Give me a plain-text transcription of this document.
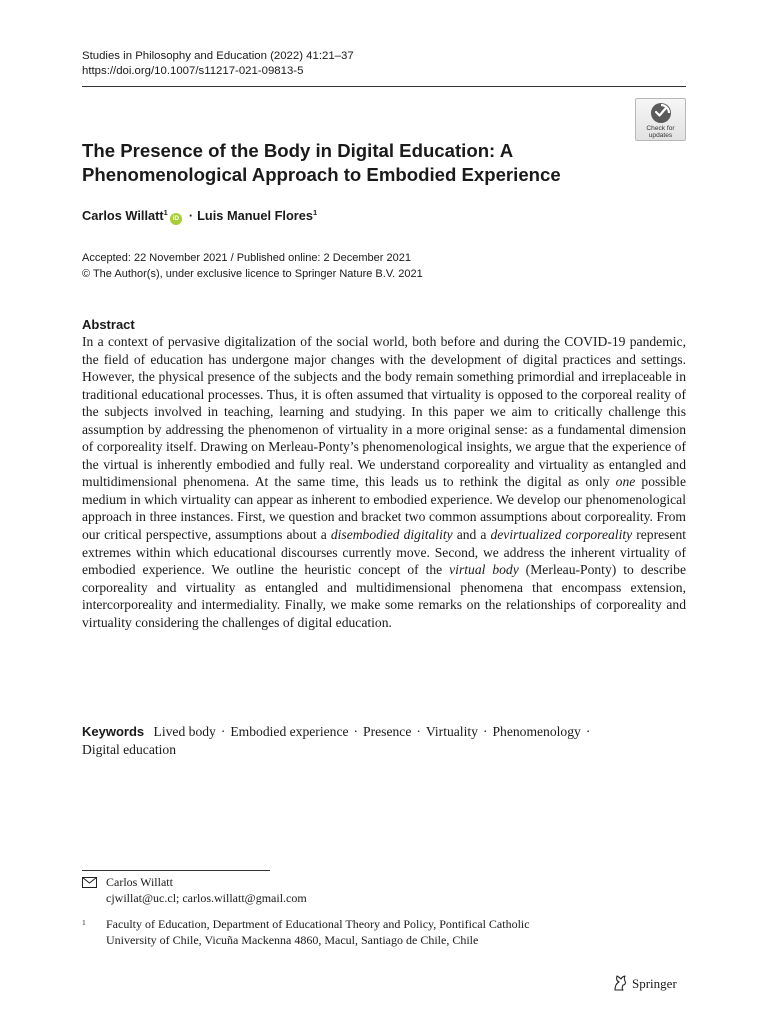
Studies in Philosophy and Education (2022) 41:21–37
https://doi.org/10.1007/s11217-021-09813-5
Check for
updates
The Presence of the Body in Digital Education: A Phenomenological Approach to Embodied Experience
Carlos Willatt$^1$iD · Luis Manuel Flores$^1$
Accepted: 22 November 2021 / Published online: 2 December 2021
© The Author(s), under exclusive licence to Springer Nature B.V. 2021
Abstract

In a context of pervasive digitalization of the social world, both before and during the COVID-19 pandemic, the field of education has undergone major changes with the development of digital practices and settings. However, the physical presence of the subjects and the body remain something primordial and irreplaceable in traditional educational processes. Thus, it is often assumed that virtuality is opposed to the corporeal reality of the subjects involved in teaching, learning and studying. In this paper we aim to critically challenge this assumption by addressing the phenomenon of virtuality in a more original sense: as a fundamental dimension of corporeality itself. Drawing on Merleau-Ponty’s phenomenological insights, we argue that the experience of the virtual is inherently embodied and fully real. We understand corporeality and virtuality as entangled and multidimensional phenomena. At the same time, this leads us to rethink the digital as only one possible medium in which virtuality can appear as inherent to embodied experience. We develop our phenomenological approach in three instances. First, we question and bracket two common assumptions about corporeality. From our critical perspective, assumptions about a disembodied digitality and a devirtualized corporeality represent extremes within which educational discourses currently move. Second, we address the inherent virtuality of embodied experience. We outline the heuristic concept of the virtual body (Merleau-Ponty) to describe corporeality and virtuality as entangled and multidimensional phenomena that encompass extension, intercorporeality and intermediality. Finally, we make some remarks on the relationships of corporeality and virtuality considering the challenges of digital education.

Keywords Lived body · Embodied experience · Presence · Virtuality · Phenomenology ·
Digital education
Carlos Willatt
cjwillat@uc.cl; carlos.willatt@gmail.com
1 Faculty of Education, Department of Educational Theory and Policy, Pontifical Catholic
University of Chile, Vicuña Mackenna 4860, Macul, Santiago de Chile, Chile
Springer
